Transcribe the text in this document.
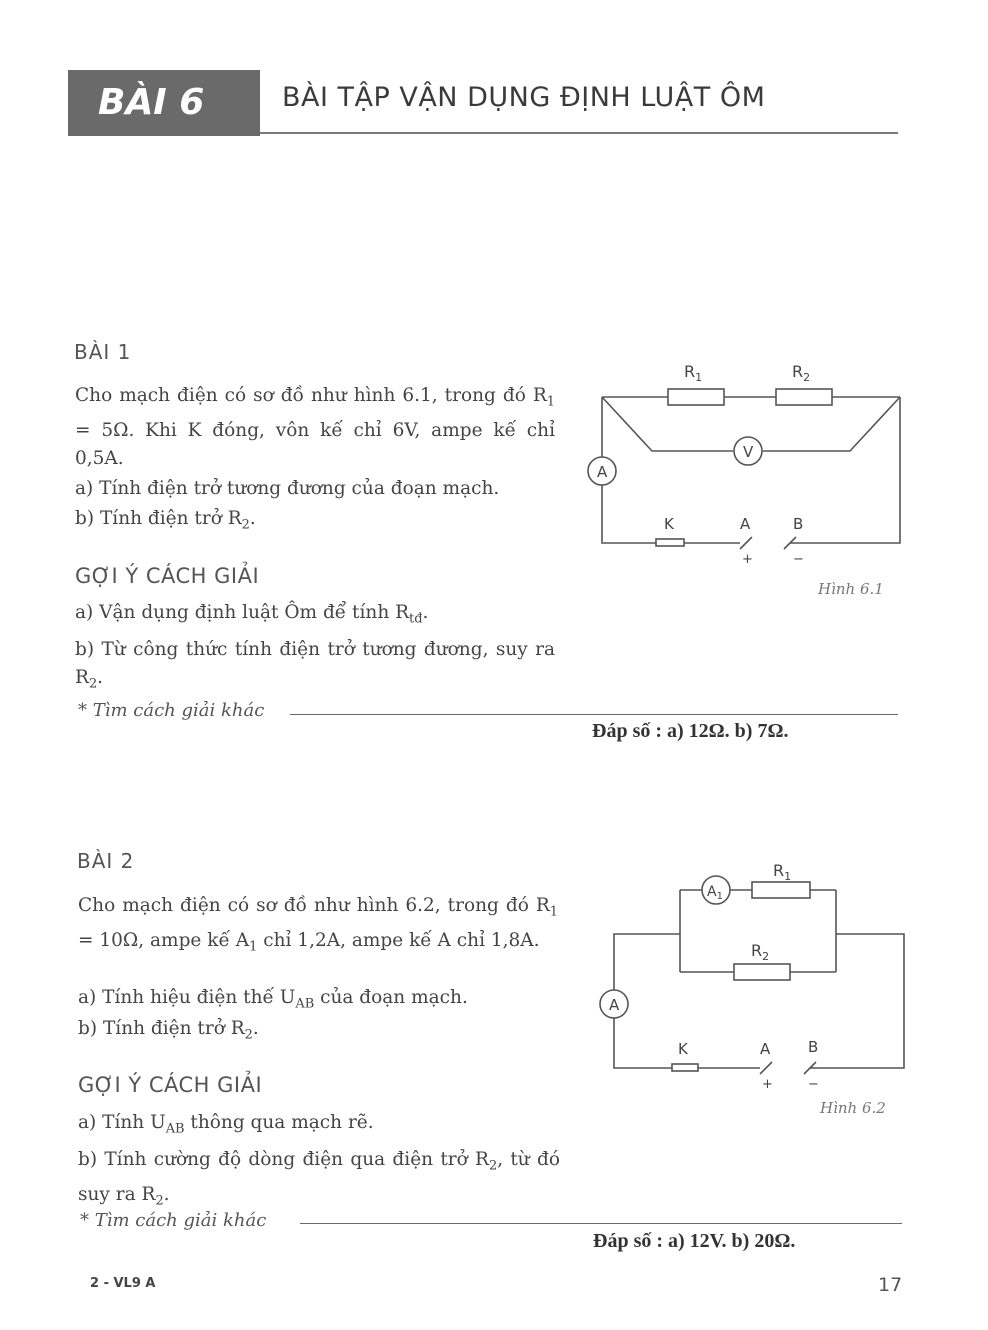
BÀI 6	BÀI TẬP VẬN DỤNG ĐỊNH LUẬT ÔM
BÀI 1
Cho mạch điện có sơ đồ như hình 6.1, trong đó $R_1 = 5\Omega$. Khi K đóng, vôn kế chỉ 6V, ampe kế chỉ 0,5A.
a) Tính điện trở tương đương của đoạn mạch.
b) Tính điện trở $R_2$.
GỢI Ý CÁCH GIẢI
a) Vận dụng định luật Ôm để tính $R_{tđ}$.
b) Từ công thức tính điện trở tương đương, suy ra $R_2$.
* Tìm cách giải khác
Đáp số : a) 12Ω. b) 7Ω.
$R_1$	$R_2$
V
A
K	A	B
+	−
Hình 6.1
BÀI 2
Cho mạch điện có sơ đồ như hình 6.2, trong đó $R_1 = 10\Omega$, ampe kế $A_1$ chỉ 1,2A, ampe kế A chỉ 1,8A.
a) Tính hiệu điện thế $U_{AB}$ của đoạn mạch.
b) Tính điện trở $R_2$.
GỢI Ý CÁCH GIẢI
a) Tính $U_{AB}$ thông qua mạch rẽ.
b) Tính cường độ dòng điện qua điện trở $R_2$, từ đó suy ra $R_2$.
* Tìm cách giải khác
Đáp số : a) 12V. b) 20Ω.
$R_1$
$R_2$
$A_1$
A
K	A	B
+	−
Hình 6.2
2 - VL9 A	17
